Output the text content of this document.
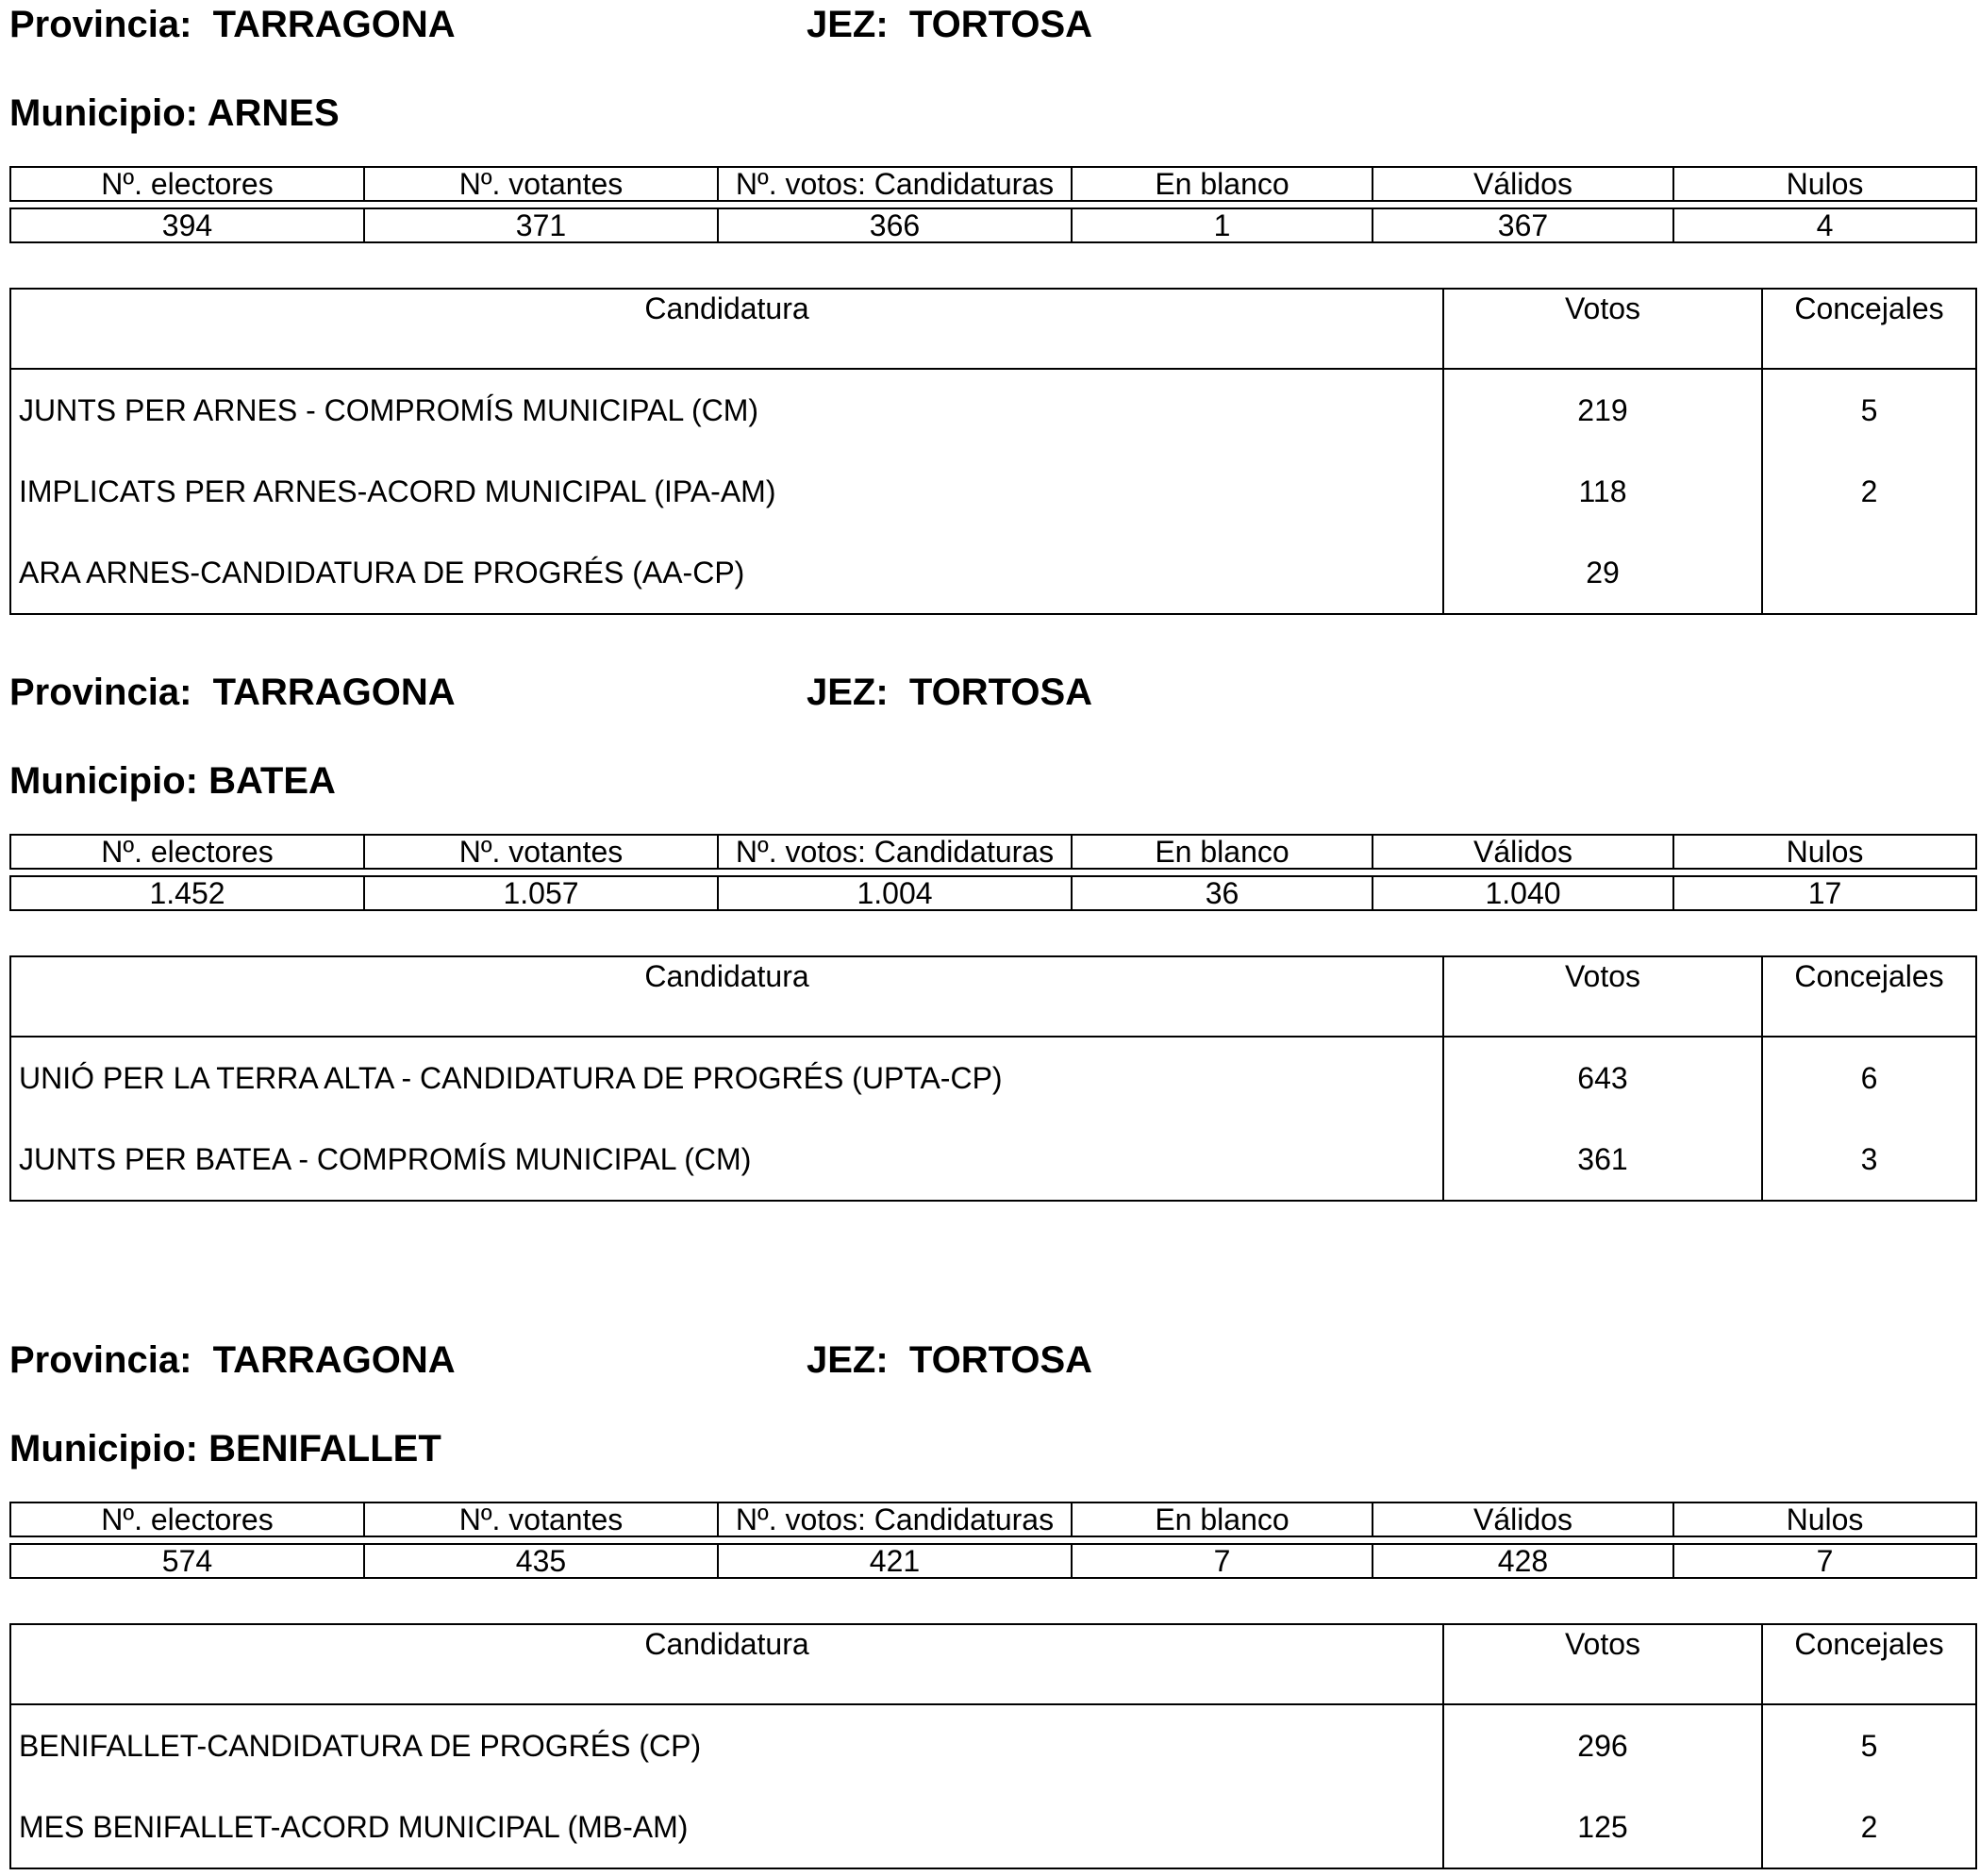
Provincia: TARRAGONA	JEZ: TORTOSA
Municipio: ARNES
Nº. electores	Nº. votantes	Nº. votos: Candidaturas	En blanco	Válidos	Nulos

394	371	366	1	367	4
Candidatura	Votos	Concejales
JUNTS PER ARNES - COMPROMÍS MUNICIPAL (CM)	219	5
IMPLICATS PER ARNES-ACORD MUNICIPAL (IPA-AM)	118	2
ARA ARNES-CANDIDATURA DE PROGRÉS (AA-CP)	29	
Provincia: TARRAGONA	JEZ: TORTOSA
Municipio: BATEA
Nº. electores	Nº. votantes	Nº. votos: Candidaturas	En blanco	Válidos	Nulos

1.452	1.057	1.004	36	1.040	17
Candidatura	Votos	Concejales
UNIÓ PER LA TERRA ALTA - CANDIDATURA DE PROGRÉS (UPTA-CP)	643	6
JUNTS PER BATEA - COMPROMÍS MUNICIPAL (CM)	361	3
Provincia: TARRAGONA	JEZ: TORTOSA
Municipio: BENIFALLET
Nº. electores	Nº. votantes	Nº. votos: Candidaturas	En blanco	Válidos	Nulos

574	435	421	7	428	7
Candidatura	Votos	Concejales
BENIFALLET-CANDIDATURA DE PROGRÉS (CP)	296	5
MES BENIFALLET-ACORD MUNICIPAL (MB-AM)	125	2
